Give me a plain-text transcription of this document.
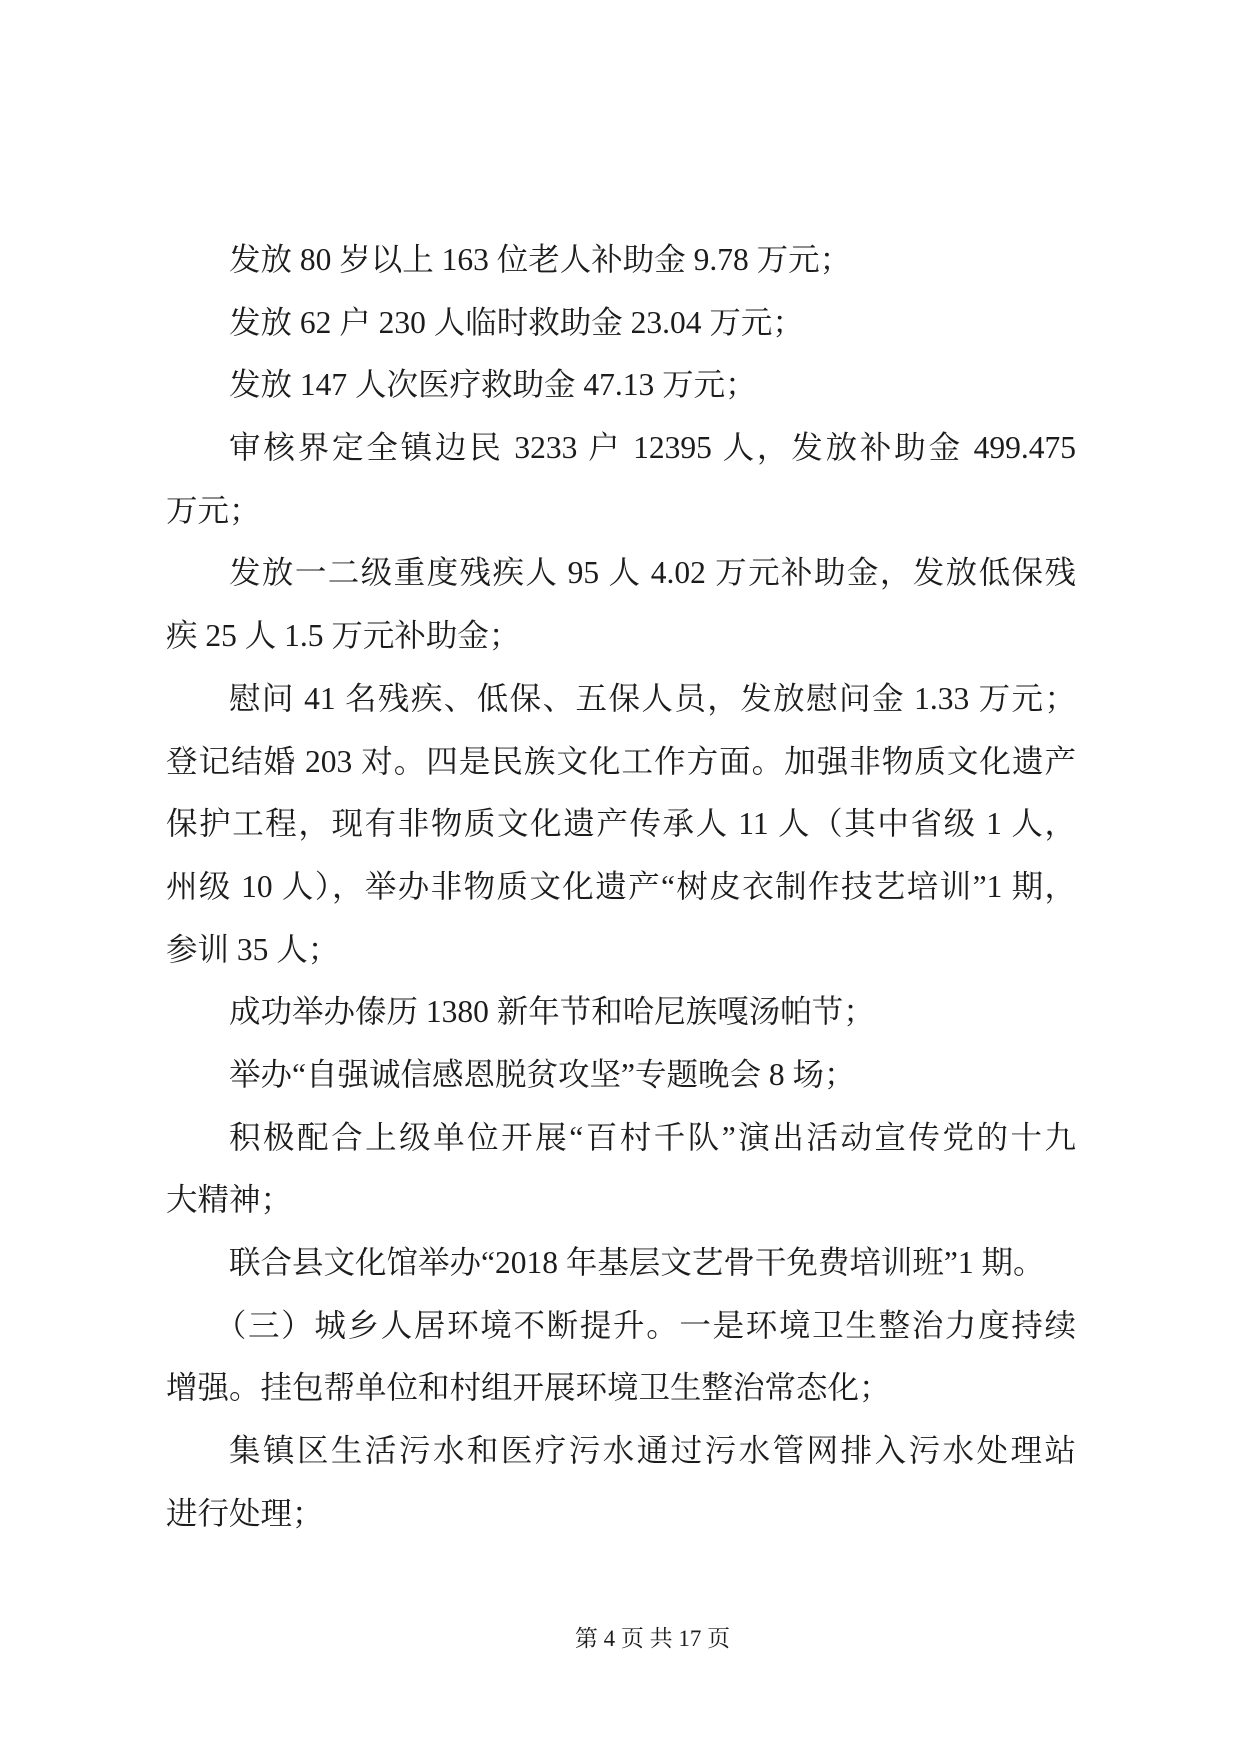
发放 80 岁以上 163 位老人补助金 9.78 万元；
发放 62 户 230 人临时救助金 23.04 万元；
发放 147 人次医疗救助金 47.13 万元；
审核界定全镇边民 3233 户 12395 人，发放补助金 499.475
万元；
发放一二级重度残疾人 95 人 4.02 万元补助金，发放低保残
疾 25 人 1.5 万元补助金；
慰问 41 名残疾、低保、五保人员，发放慰问金 1.33 万元；
登记结婚 203 对。四是民族文化工作方面。加强非物质文化遗产
保护工程，现有非物质文化遗产传承人 11 人（其中省级 1 人，
州级 10 人），举办非物质文化遗产“树皮衣制作技艺培训”1 期，
参训 35 人；
成功举办傣历 1380 新年节和哈尼族嘎汤帕节；
举办“自强诚信感恩脱贫攻坚”专题晚会 8 场；
积极配合上级单位开展“百村千队”演出活动宣传党的十九
大精神；
联合县文化馆举办“2018 年基层文艺骨干免费培训班”1 期。
（三）城乡人居环境不断提升。一是环境卫生整治力度持续
增强。挂包帮单位和村组开展环境卫生整治常态化；
集镇区生活污水和医疗污水通过污水管网排入污水处理站
进行处理；
第 4 页 共 17 页
